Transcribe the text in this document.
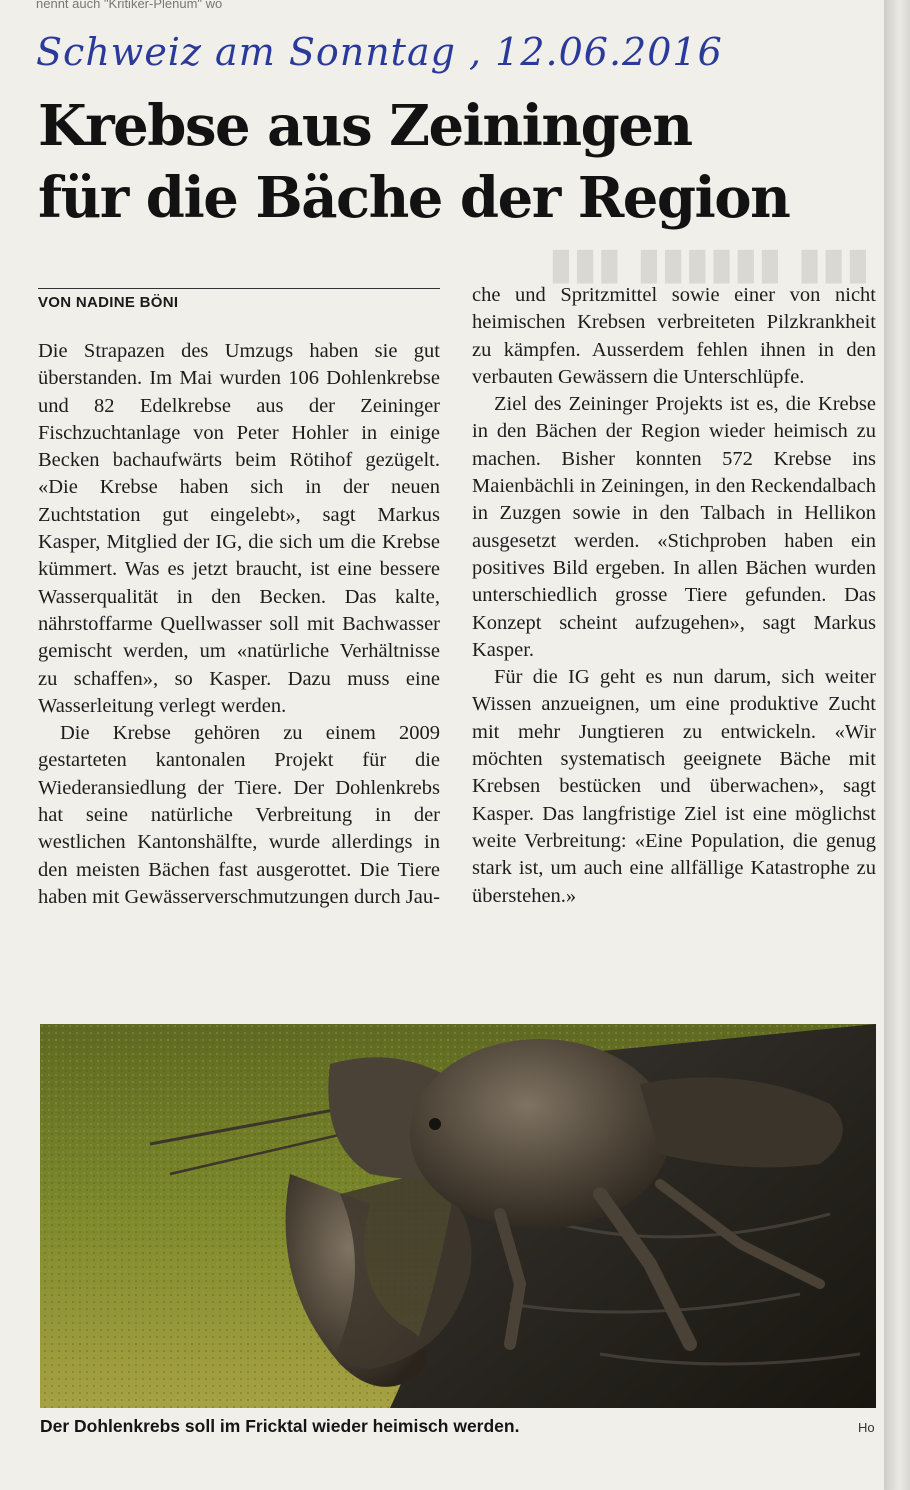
nennt auch "Kritiker-Plenum" wo
Schweiz am Sonntag , 12.06.2016
Krebse aus Zeiningen
für die Bäche der Region
▮▮▮ ▮▮▮▮▮▮ ▮▮▮
VON NADINE BÖNI

Die Strapazen des Umzugs haben sie gut überstanden. Im Mai wurden 106 Dohlenkrebse und 82 Edelkrebse aus der Zeininger Fischzuchtanlage von Peter Hohler in einige Becken bachaufwärts beim Rötihof gezügelt. «Die Krebse haben sich in der neuen Zuchtstation gut eingelebt», sagt Markus Kasper, Mitglied der IG, die sich um die Krebse kümmert. Was es jetzt braucht, ist eine bessere Wasserqualität in den Becken. Das kalte, nährstoffarme Quellwasser soll mit Bachwasser gemischt werden, um «natürliche Verhältnisse zu schaffen», so Kasper. Dazu muss eine Wasserleitung verlegt werden.

Die Krebse gehören zu einem 2009 gestarteten kantonalen Projekt für die Wiederansiedlung der Tiere. Der Dohlenkrebs hat seine natürliche Verbreitung in der westlichen Kantonshälfte, wurde allerdings in den meisten Bächen fast ausgerottet. Die Tiere haben mit Gewässerverschmutzungen durch Jau-

che und Spritzmittel sowie einer von nicht heimischen Krebsen verbreiteten Pilzkrankheit zu kämpfen. Ausserdem fehlen ihnen in den verbauten Gewässern die Unterschlüpfe.

Ziel des Zeininger Projekts ist es, die Krebse in den Bächen der Region wieder heimisch zu machen. Bisher konnten 572 Krebse ins Maienbächli in Zeiningen, in den Reckendalbach in Zuzgen sowie in den Talbach in Hellikon ausgesetzt werden. «Stichproben haben ein positives Bild ergeben. In allen Bächen wurden unterschiedlich grosse Tiere gefunden. Das Konzept scheint aufzugehen», sagt Markus Kasper.

Für die IG geht es nun darum, sich weiter Wissen anzueignen, um eine produktive Zucht mit mehr Jungtieren zu entwickeln. «Wir möchten systematisch geeignete Bäche mit Krebsen bestücken und überwachen», sagt Kasper. Das langfristige Ziel ist eine möglichst weite Verbreitung: «Eine Population, die genug stark ist, um auch eine allfällige Katastrophe zu überstehen.»

Der Dohlenkrebs soll im Fricktal wieder heimisch werden.	Ho
